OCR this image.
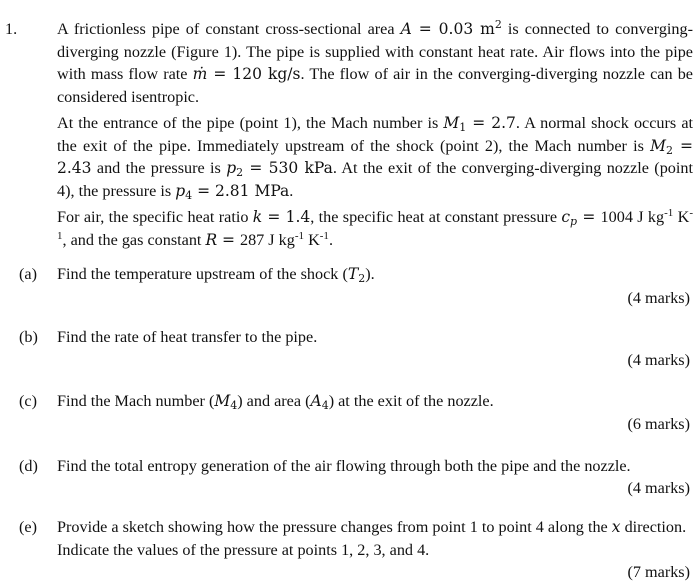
1. A frictionless pipe of constant cross-sectional area A = 0.03 $m^2$ is connected to converging-diverging nozzle (Figure 1). The pipe is supplied with constant heat rate. Air flows into the pipe with mass flow rate ṁ = 120 kg/s. The flow of air in the converging-diverging nozzle can be considered isentropic.

At the entrance of the pipe (point 1), the Mach number is $M_1 = 2.7$. A normal shock occurs at the exit of the pipe. Immediately upstream of the shock (point 2), the Mach number is $M_2 = 2.43$ and the pressure is $p_2 = 530$ kPa. At the exit of the converging-diverging nozzle (point 4), the pressure is $p_4 = 2.81$ MPa.

For air, the specific heat ratio k = 1.4, the specific heat at constant pressure $c_p = 1004$ J $kg^{-1}$ $K^{-1}$, and the gas constant R = 287 J $kg^{-1}$ $K^{-1}$.

(a) Find the temperature upstream of the shock $(T_2)$.
(4 marks)
(b) Find the rate of heat transfer to the pipe.
(4 marks)
(c) Find the Mach number $(M_4)$ and area $(A_4)$ at the exit of the nozzle.
(6 marks)
(d) Find the total entropy generation of the air flowing through both the pipe and the nozzle.
(4 marks)
(e) Provide a sketch showing how the pressure changes from point 1 to point 4 along the x direction. Indicate the values of the pressure at points 1, 2, 3, and 4.
(7 marks)
